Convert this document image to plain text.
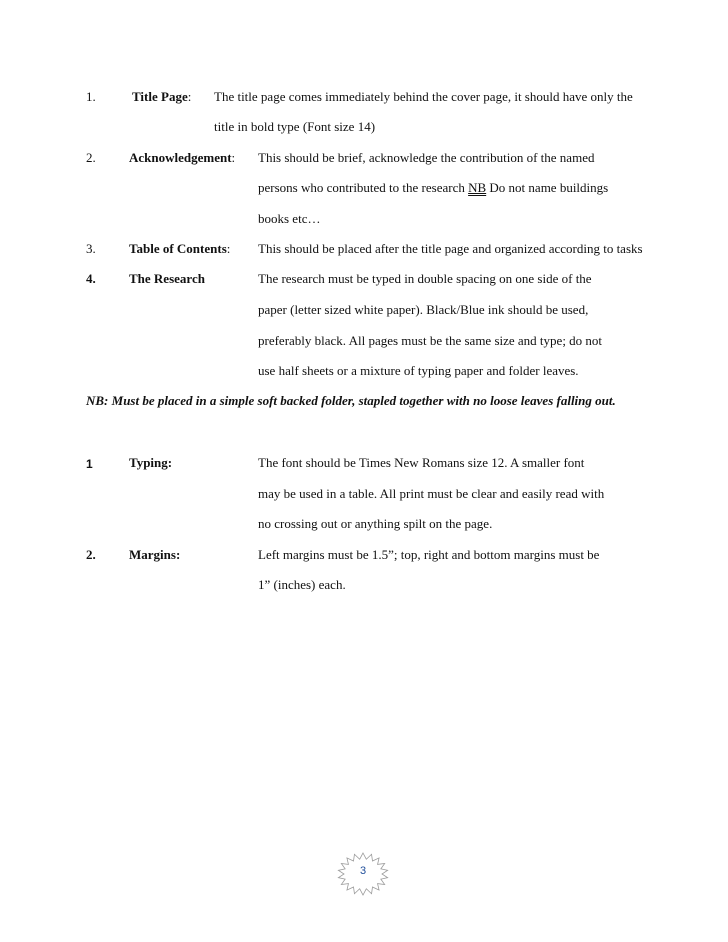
1.	Title Page: The title page comes immediately behind the cover page, it should have only the
title in bold type (Font size 14)
2.	Acknowledgement: This should be brief, acknowledge the contribution of the named
persons who contributed to the research NB Do not name buildings
books etc…
3.	Table of Contents: This should be placed after the title page and organized according to tasks
4.	The Research	The research must be typed in double spacing on one side of the
paper (letter sized white paper). Black/Blue ink should be used,
preferably black. All pages must be the same size and type; do not
use half sheets or a mixture of typing paper and folder leaves.
NB: Must be placed in a simple soft backed folder, stapled together with no loose leaves falling out.
1	Typing:	The font should be Times New Romans size 12. A smaller font
may be used in a table. All print must be clear and easily read with
no crossing out or anything spilt on the page.
2.	Margins:	Left margins must be 1.5”; top, right and bottom margins must be
1” (inches) each.
3
